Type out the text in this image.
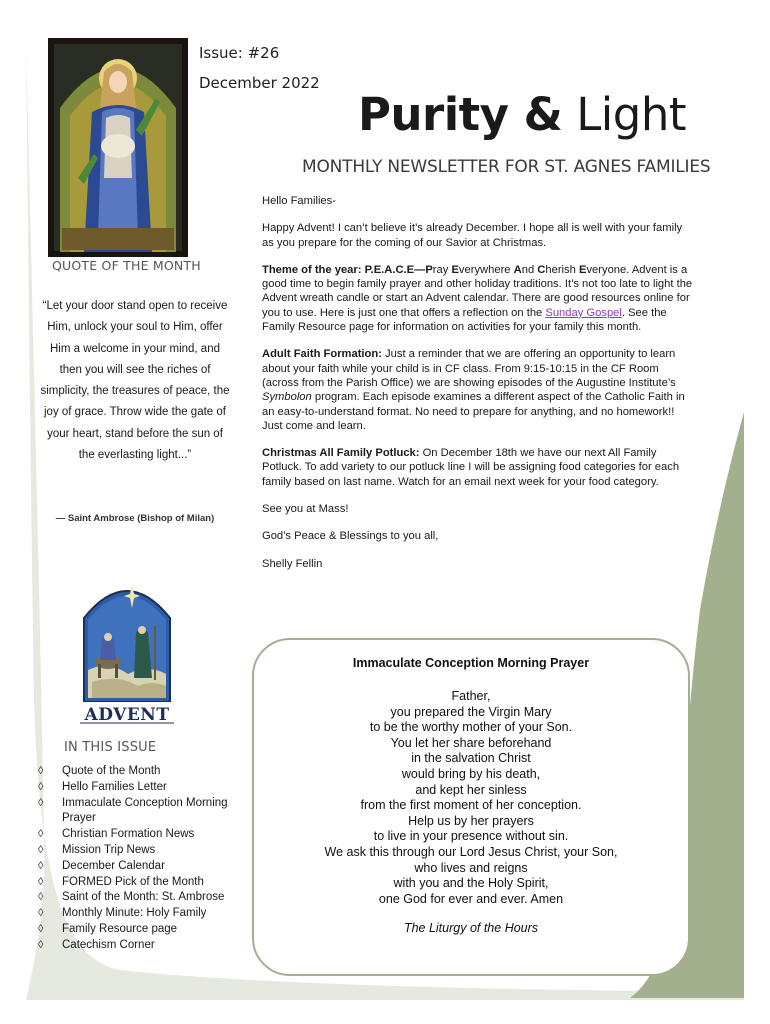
Issue: #26
December 2022
Purity & Light
MONTHLY NEWSLETTER FOR ST. AGNES FAMILIES

Hello Families-

Happy Advent! I can’t believe it’s already December. I hope all is well with your family as you prepare for the coming of our Savior at Christmas.

Theme of the year: P.E.A.C.E—Pray Everywhere And Cherish Everyone. Advent is a good time to begin family prayer and other holiday traditions. It’s not too late to light the Advent wreath candle or start an Advent calendar. There are good resources online for you to use. Here is just one that offers a reflection on the Sunday Gospel. See the Family Resource page for information on activities for your family this month.

Adult Faith Formation: Just a reminder that we are offering an opportunity to learn about your faith while your child is in CF class. From 9:15-10:15 in the CF Room (across from the Parish Office) we are showing episodes of the Augustine Institute’s Symbolon program. Each episode examines a different aspect of the Catholic Faith in an easy-to-understand format. No need to prepare for anything, and no homework!! Just come and learn.

Christmas All Family Potluck: On December 18th we have our next All Family Potluck. To add variety to our potluck line I will be assigning food categories for each family based on last name. Watch for an email next week for your food category.

See you at Mass!

God’s Peace & Blessings to you all,

Shelly Fellin

QUOTE OF THE MONTH
“Let your door stand open to receive Him, unlock your soul to Him, offer Him a welcome in your mind, and then you will see the riches of simplicity, the treasures of peace, the joy of grace. Throw wide the gate of your heart, stand before the sun of the everlasting light...”
— Saint Ambrose (Bishop of Milan)
ADVENT
IN THIS ISSUE
◊ Quote of the Month
◊ Hello Families Letter
◊ Immaculate Conception Morning Prayer
◊ Christian Formation News
◊ Mission Trip News
◊ December Calendar
◊ FORMED Pick of the Month
◊ Saint of the Month: St. Ambrose
◊ Monthly Minute: Holy Family
◊ Family Resource page
◊ Catechism Corner
Immaculate Conception Morning Prayer
Father,
you prepared the Virgin Mary
to be the worthy mother of your Son.
You let her share beforehand
in the salvation Christ
would bring by his death,
and kept her sinless
from the first moment of her conception.
Help us by her prayers
to live in your presence without sin.
We ask this through our Lord Jesus Christ, your Son,
who lives and reigns
with you and the Holy Spirit,
one God for ever and ever. Amen
The Liturgy of the Hours
